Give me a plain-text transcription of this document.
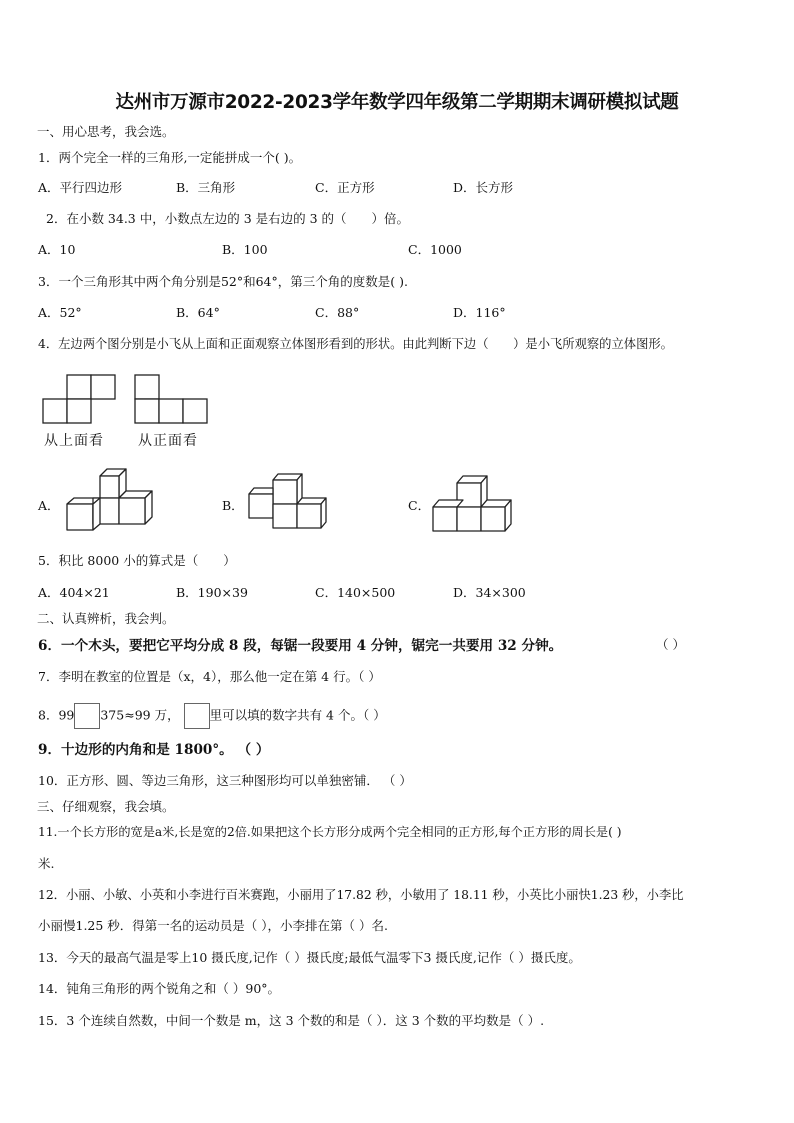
达州市万源市2022-2023学年数学四年级第二学期期末调研模拟试题
一、用心思考，我会选。
1．两个完全一样的三角形,一定能拼成一个( )。
A．平行四边形	B．三角形	C．正方形	D．长方形
2．在小数 34.3 中，小数点左边的 3 是右边的 3 的（　　）倍。
A．10	B．100	C．1000
3．一个三角形其中两个角分别是52°和64°，第三个角的度数是( ).
A．52°	B．64°	C．88°	D．116°
4．左边两个图分别是小飞从上面和正面观察立体图形看到的形状。由此判断下边（　　）是小飞所观察的立体图形。
从上面看 从正面看
A．	B．	C．
5．积比 8000 小的算式是（　　）
A．404×21	B．190×39	C．140×500	D．34×300
二、认真辨析，我会判。
6．一个木头，要把它平均分成 8 段，每锯一段要用 4 分钟，锯完一共要用 32 分钟。	（ ）
7．李明在教室的位置是（x，4），那么他一定在第 4 行。（ ）
8．99 375≈99 万， 里可以填的数字共有 4 个。（ ）
9．十边形的内角和是 1800°。 （ ）
10．正方形、圆、等边三角形，这三种图形均可以单独密铺． （ ）
三、仔细观察，我会填。
11.一个长方形的宽是a米,长是宽的2倍.如果把这个长方形分成两个完全相同的正方形,每个正方形的周长是( )
米.
12．小丽、小敏、小英和小李进行百米赛跑，小丽用了17.82 秒，小敏用了 18.11 秒，小英比小丽快1.23 秒，小李比
小丽慢1.25 秒．得第一名的运动员是（ ），小李排在第（ ）名.
13．今天的最高气温是零上10 摄氏度,记作（ ）摄氏度;最低气温零下3 摄氏度,记作（ ）摄氏度。
14．钝角三角形的两个锐角之和（ ）90°。
15．3 个连续自然数，中间一个数是 m，这 3 个数的和是（ ）．这 3 个数的平均数是（ ）.
